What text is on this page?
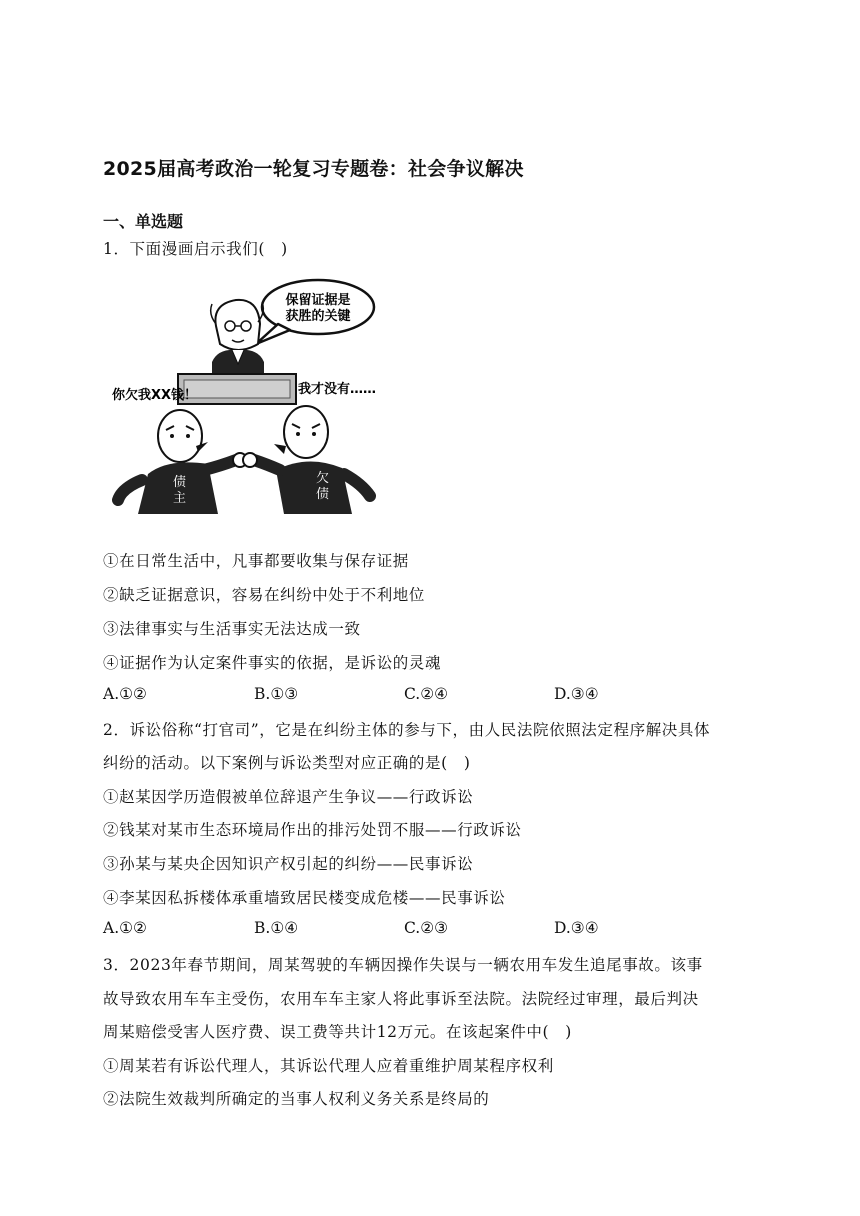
2025届高考政治一轮复习专题卷：社会争议解决
一、单选题
1．下面漫画启示我们(　)
保留证据是
获胜的关键
你欠我XX钱！	我才没有……
债
主
欠
债
①在日常生活中，凡事都要收集与保存证据
②缺乏证据意识，容易在纠纷中处于不利地位
③法律事实与生活事实无法达成一致
④证据作为认定案件事实的依据，是诉讼的灵魂
A.①②	B.①③	C.②④	D.③④
2．诉讼俗称“打官司”，它是在纠纷主体的参与下，由人民法院依照法定程序解决具体
纠纷的活动。以下案例与诉讼类型对应正确的是(　)
①赵某因学历造假被单位辞退产生争议——行政诉讼
②钱某对某市生态环境局作出的排污处罚不服——行政诉讼
③孙某与某央企因知识产权引起的纠纷——民事诉讼
④李某因私拆楼体承重墙致居民楼变成危楼——民事诉讼
A.①②	B.①④	C.②③	D.③④
3．2023年春节期间，周某驾驶的车辆因操作失误与一辆农用车发生追尾事故。该事
故导致农用车车主受伤，农用车车主家人将此事诉至法院。法院经过审理，最后判决
周某赔偿受害人医疗费、误工费等共计12万元。在该起案件中(　)
①周某若有诉讼代理人，其诉讼代理人应着重维护周某程序权利
②法院生效裁判所确定的当事人权利义务关系是终局的
